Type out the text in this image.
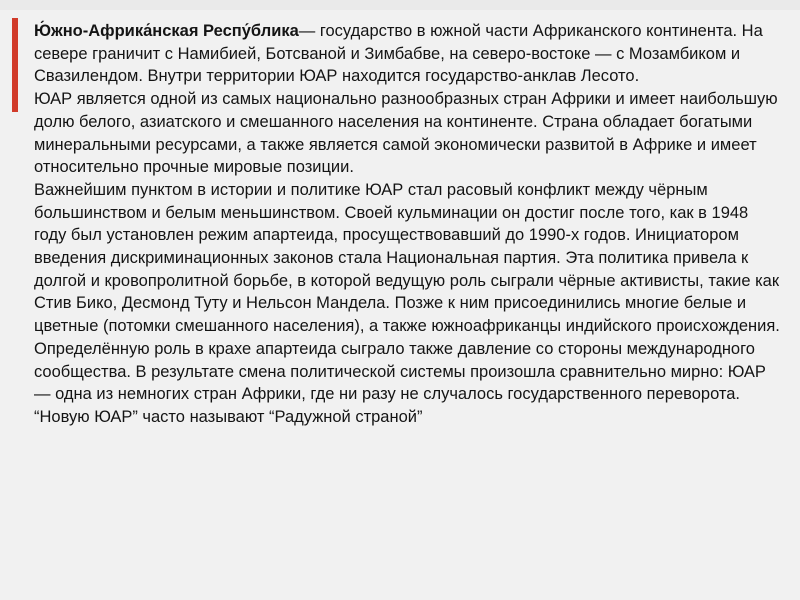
Ю́жно-Африка́нская Респу́блика— государство в южной части Африканского континента. На севере граничит с Намибией, Ботсваной и Зимбабве, на северо-востоке — с Мозамбиком и Свазилендом. Внутри территории ЮАР находится государство-анклав Лесото.

ЮАР является одной из самых национально разнообразных стран Африки и имеет наибольшую долю белого, азиатского и смешанного населения на континенте. Страна обладает богатыми минеральными ресурсами, а также является самой экономически развитой в Африке и имеет относительно прочные мировые позиции.

Важнейшим пунктом в истории и политике ЮАР стал расовый конфликт между чёрным большинством и белым меньшинством. Своей кульминации он достиг после того, как в 1948 году был установлен режим апартеида, просуществовавший до 1990-х годов. Инициатором введения дискриминационных законов стала Национальная партия. Эта политика привела к долгой и кровопролитной борьбе, в которой ведущую роль сыграли чёрные активисты, такие как Стив Бико, Десмонд Туту и Нельсон Мандела. Позже к ним присоединились многие белые и цветные (потомки смешанного населения), а также южноафриканцы индийского происхождения. Определённую роль в крахе апартеида сыграло также давление со стороны международного сообщества. В результате смена политической системы произошла сравнительно мирно: ЮАР — одна из немногих стран Африки, где ни разу не случалось государственного переворота.

“Новую ЮАР” часто называют “Радужной страной”
